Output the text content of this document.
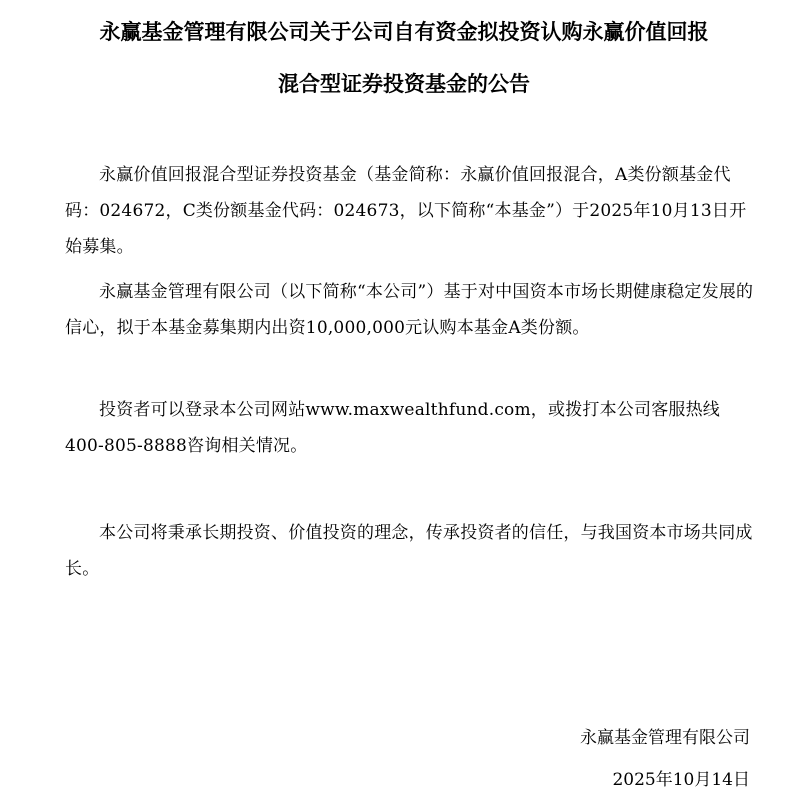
永赢基金管理有限公司关于公司自有资金拟投资认购永赢价值回报
混合型证券投资基金的公告

永赢价值回报混合型证券投资基金（基金简称：永赢价值回报混合，A类份额基金代码：024672，C类份额基金代码：024673，以下简称“本基金”）于2025年10月13日开始募集。

永赢基金管理有限公司（以下简称“本公司”）基于对中国资本市场长期健康稳定发展的信心，拟于本基金募集期内出资10,000,000元认购本基金A类份额。

投资者可以登录本公司网站www.maxwealthfund.com，或拨打本公司客服热线400-805-8888咨询相关情况。

本公司将秉承长期投资、价值投资的理念，传承投资者的信任，与我国资本市场共同成长。

永赢基金管理有限公司
2025年10月14日
